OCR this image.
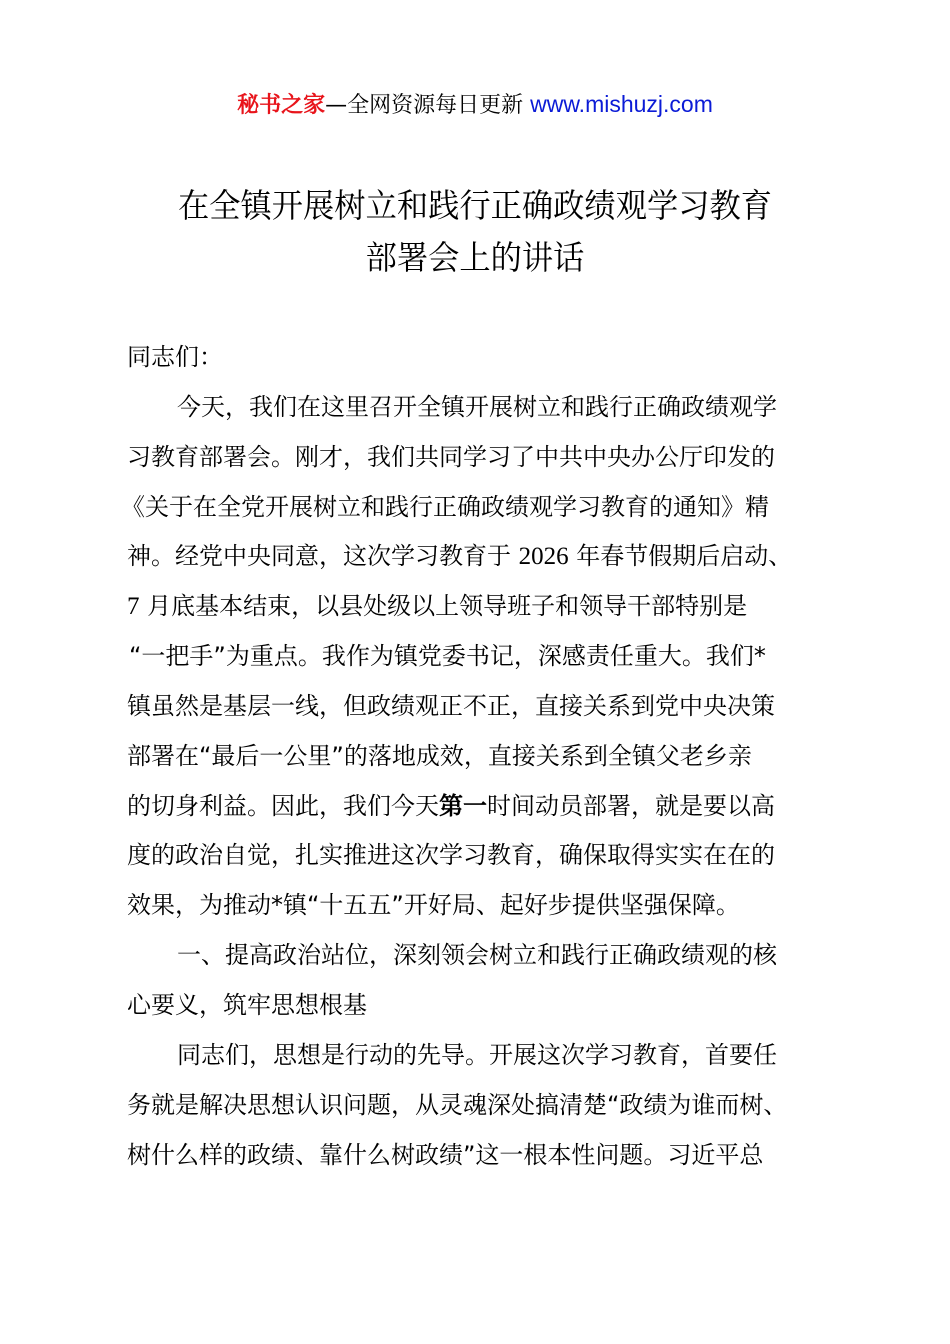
秘书之家—全网资源每日更新 www.mishuzj.com
在全镇开展树立和践行正确政绩观学习教育
部署会上的讲话
同志们：
今天，我们在这里召开全镇开展树立和践行正确政绩观学
习教育部署会。刚才，我们共同学习了中共中央办公厅印发的
《关于在全党开展树立和践行正确政绩观学习教育的通知》精
神。经党中央同意，这次学习教育于 2026 年春节假期后启动、
7 月底基本结束，以县处级以上领导班子和领导干部特别是
“一把手”为重点。我作为镇党委书记，深感责任重大。我们*
镇虽然是基层一线，但政绩观正不正，直接关系到党中央决策
部署在“最后一公里”的落地成效，直接关系到全镇父老乡亲
的切身利益。因此，我们今天第一时间动员部署，就是要以高
度的政治自觉，扎实推进这次学习教育，确保取得实实在在的
效果，为推动*镇“十五五”开好局、起好步提供坚强保障。
一、提高政治站位，深刻领会树立和践行正确政绩观的核
心要义，筑牢思想根基
同志们，思想是行动的先导。开展这次学习教育，首要任
务就是解决思想认识问题，从灵魂深处搞清楚“政绩为谁而树、
树什么样的政绩、靠什么树政绩”这一根本性问题。习近平总
